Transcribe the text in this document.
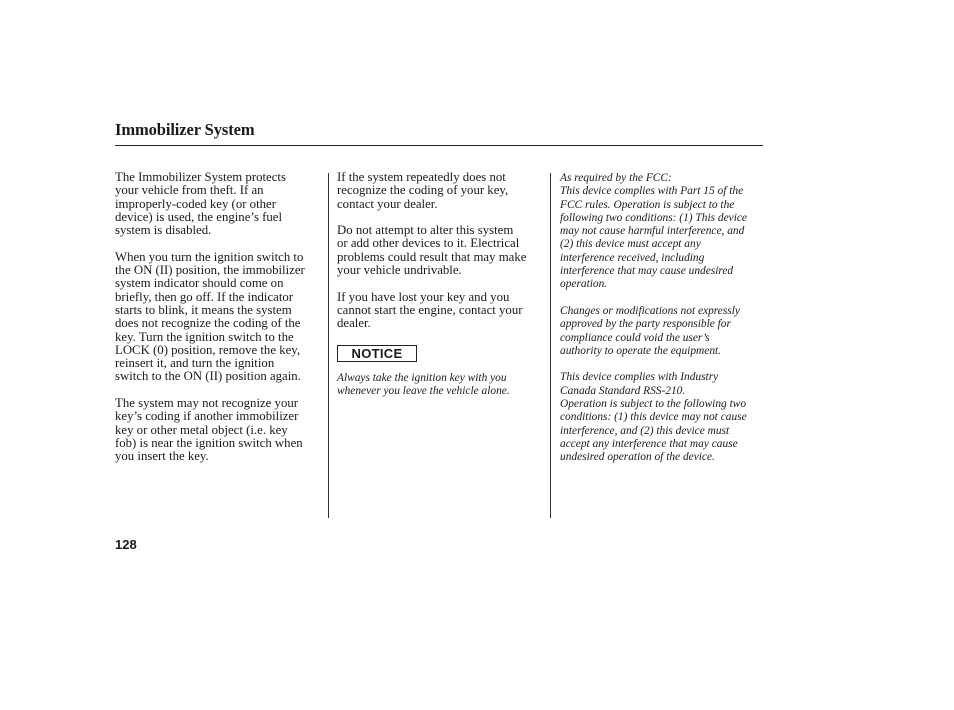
Immobilizer System

The Immobilizer System protects
your vehicle from theft. If an
improperly-coded key (or other
device) is used, the engine’s fuel
system is disabled.

When you turn the ignition switch to
the ON (II) position, the immobilizer
system indicator should come on
briefly, then go off. If the indicator
starts to blink, it means the system
does not recognize the coding of the
key. Turn the ignition switch to the
LOCK (0) position, remove the key,
reinsert it, and turn the ignition
switch to the ON (II) position again.

The system may not recognize your
key’s coding if another immobilizer
key or other metal object (i.e. key
fob) is near the ignition switch when
you insert the key.

If the system repeatedly does not
recognize the coding of your key,
contact your dealer.

Do not attempt to alter this system
or add other devices to it. Electrical
problems could result that may make
your vehicle undrivable.

If you have lost your key and you
cannot start the engine, contact your
dealer.

NOTICE
Always take the ignition key with you
whenever you leave the vehicle alone.

As required by the FCC:
This device complies with Part 15 of the
FCC rules. Operation is subject to the
following two conditions: (1) This device
may not cause harmful interference, and
(2) this device must accept any
interference received, including
interference that may cause undesired
operation.

Changes or modifications not expressly
approved by the party responsible for
compliance could void the user’s
authority to operate the equipment.

This device complies with Industry
Canada Standard RSS-210.
Operation is subject to the following two
conditions: (1) this device may not cause
interference, and (2) this device must
accept any interference that may cause
undesired operation of the device.

128
